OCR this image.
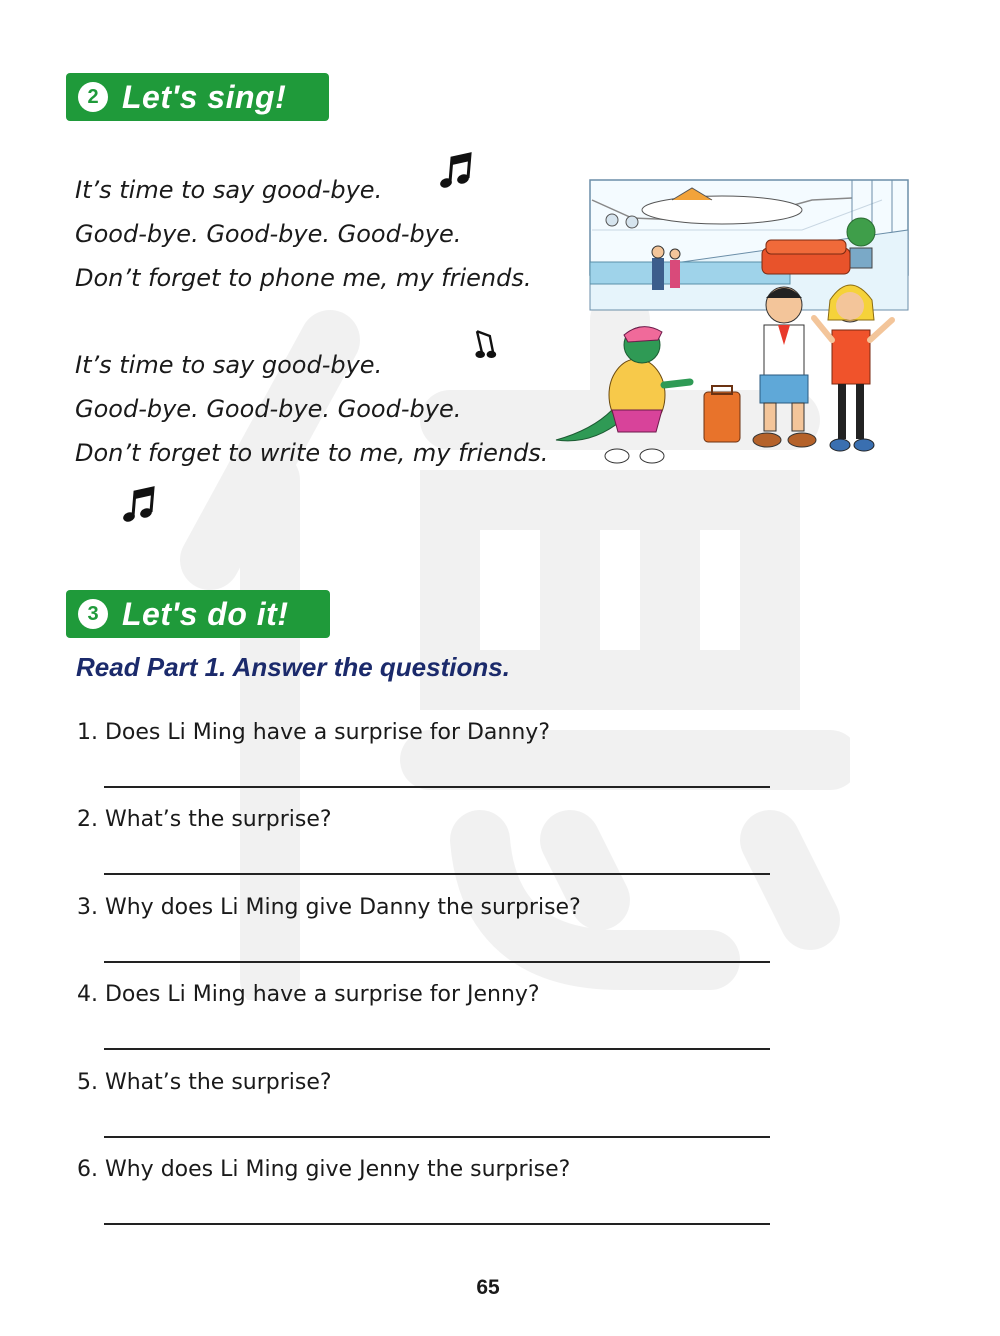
2 Let's sing!
It’s time to say good-bye.
Good-bye. Good-bye. Good-bye.
Don’t forget to phone me, my friends.
It’s time to say good-bye.
Good-bye. Good-bye. Good-bye.
Don’t forget to write to me, my friends.
3 Let's do it!
Read Part 1. Answer the questions.
1. Does Li Ming have a surprise for Danny?
2. What’s the surprise?
3. Why does Li Ming give Danny the surprise?
4. Does Li Ming have a surprise for Jenny?
5. What’s the surprise?
6. Why does Li Ming give Jenny the surprise?
65
